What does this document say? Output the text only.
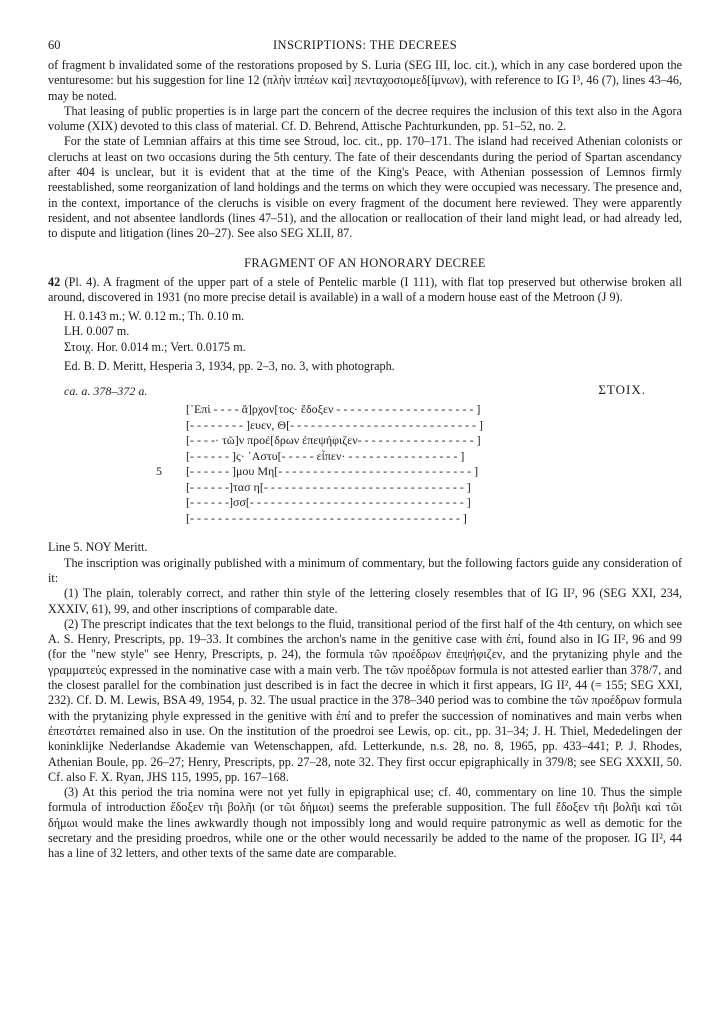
60	INSCRIPTIONS: THE DECREES

of fragment b invalidated some of the restorations proposed by S. Luria (SEG III, loc. cit.), which in any case bordered upon the venturesome: but his suggestion for line 12 (πλὴν ἱππέων καὶ] πενταχοσιομεδ[ίμνων), with reference to IG I³, 46 (7), lines 43–46, may be noted.

That leasing of public properties is in large part the concern of the decree requires the inclusion of this text also in the Agora volume (XIX) devoted to this class of material. Cf. D. Behrend, Attische Pachturkunden, pp. 51–52, no. 2.

For the state of Lemnian affairs at this time see Stroud, loc. cit., pp. 170–171. The island had received Athenian colonists or cleruchs at least on two occasions during the 5th century. The fate of their descendants during the period of Spartan ascendancy after 404 is unclear, but it is evident that at the time of the King's Peace, with Athenian possession of Lemnos firmly reestablished, some reorganization of land holdings and the terms on which they were occupied was necessary. The presence and, in the context, importance of the cleruchs is visible on every fragment of the document here reviewed. They were apparently resident, and not absentee landlords (lines 47–51), and the allocation or reallocation of their land might lead, or had already led, to dispute and litigation (lines 20–27). See also SEG XLII, 87.

FRAGMENT OF AN HONORARY DECREE

42 (Pl. 4). A fragment of the upper part of a stele of Pentelic marble (I 111), with flat top preserved but otherwise broken all around, discovered in 1931 (no more precise detail is available) in a wall of a modern house east of the Metroon (J 9).

H. 0.143 m.; W. 0.12 m.; Th. 0.10 m.
LH. 0.007 m.
Στοιχ. Hor. 0.014 m.; Vert. 0.0175 m.
Ed. B. D. Meritt, Hesperia 3, 1934, pp. 2–3, no. 3, with photograph.
ca. a. 378–372 a.	ΣΤΟΙΧ.
[᾿Επὶ - - - - ἄ]ρχον[τος· ἔδοξεν - - - - - - - - - - - - - - - - - - - - ]
[- - - - - - - - ]ευεν, Θ[- - - - - - - - - - - - - - - - - - - - - - - - - - - ]
[- - - -· τῶ]ν προέ[δρων ἐπεψήφιζεν- - - - - - - - - - - - - - - - - ]
[- - - - - - ]ς· ᾿Αστυ[- - - - - εἶπεν· - - - - - - - - - - - - - - - - ]
5 [- - - - - - ]μου Μη[- - - - - - - - - - - - - - - - - - - - - - - - - - - - ]
[- - - - - -]τασ η[- - - - - - - - - - - - - - - - - - - - - - - - - - - - - ]
[- - - - - -]σσ[- - - - - - - - - - - - - - - - - - - - - - - - - - - - - - - ]
[- - - - - - - - - - - - - - - - - - - - - - - - - - - - - - - - - - - - - - - ]

Line 5. ΝΟΥ Meritt.

The inscription was originally published with a minimum of commentary, but the following factors guide any consideration of it:

(1) The plain, tolerably correct, and rather thin style of the lettering closely resembles that of IG II², 96 (SEG XXI, 234, XXXIV, 61), 99, and other inscriptions of comparable date.

(2) The prescript indicates that the text belongs to the fluid, transitional period of the first half of the 4th century, on which see A. S. Henry, Prescripts, pp. 19–33. It combines the archon's name in the genitive case with ἐπί, found also in IG II², 96 and 99 (for the "new style" see Henry, Prescripts, p. 24), the formula τῶν προέδρων ἐπεψήφιζεν, and the prytanizing phyle and the γραμματεύς expressed in the nominative case with a main verb. The τῶν προέδρων formula is not attested earlier than 378/7, and the closest parallel for the combination just described is in fact the decree in which it first appears, IG II², 44 (= 155; SEG XXI, 232). Cf. D. M. Lewis, BSA 49, 1954, p. 32. The usual practice in the 378–340 period was to combine the τῶν προέδρων formula with the prytanizing phyle expressed in the genitive with ἐπί and to prefer the succession of nominatives and main verbs when ἐπεστάτει remained also in use. On the institution of the proedroi see Lewis, op. cit., pp. 31–34; J. H. Thiel, Mededelingen der koninklijke Nederlandse Akademie van Wetenschappen, afd. Letterkunde, n.s. 28, no. 8, 1965, pp. 433–441; P. J. Rhodes, Athenian Boule, pp. 26–27; Henry, Prescripts, pp. 27–28, note 32. They first occur epigraphically in 379/8; see SEG XXXII, 50. Cf. also F. X. Ryan, JHS 115, 1995, pp. 167–168.

(3) At this period the tria nomina were not yet fully in epigraphical use; cf. 40, commentary on line 10. Thus the simple formula of introduction ἔδοξεν τῆι βολῆι (or τῶι δήμωι) seems the preferable supposition. The full ἔδοξεν τῆι βολῆι καὶ τῶι δήμωι would make the lines awkwardly though not impossibly long and would require patronymic as well as demotic for the secretary and the presiding proedros, while one or the other would necessarily be added to the name of the proposer. IG II², 44 has a line of 32 letters, and other texts of the same date are comparable.
